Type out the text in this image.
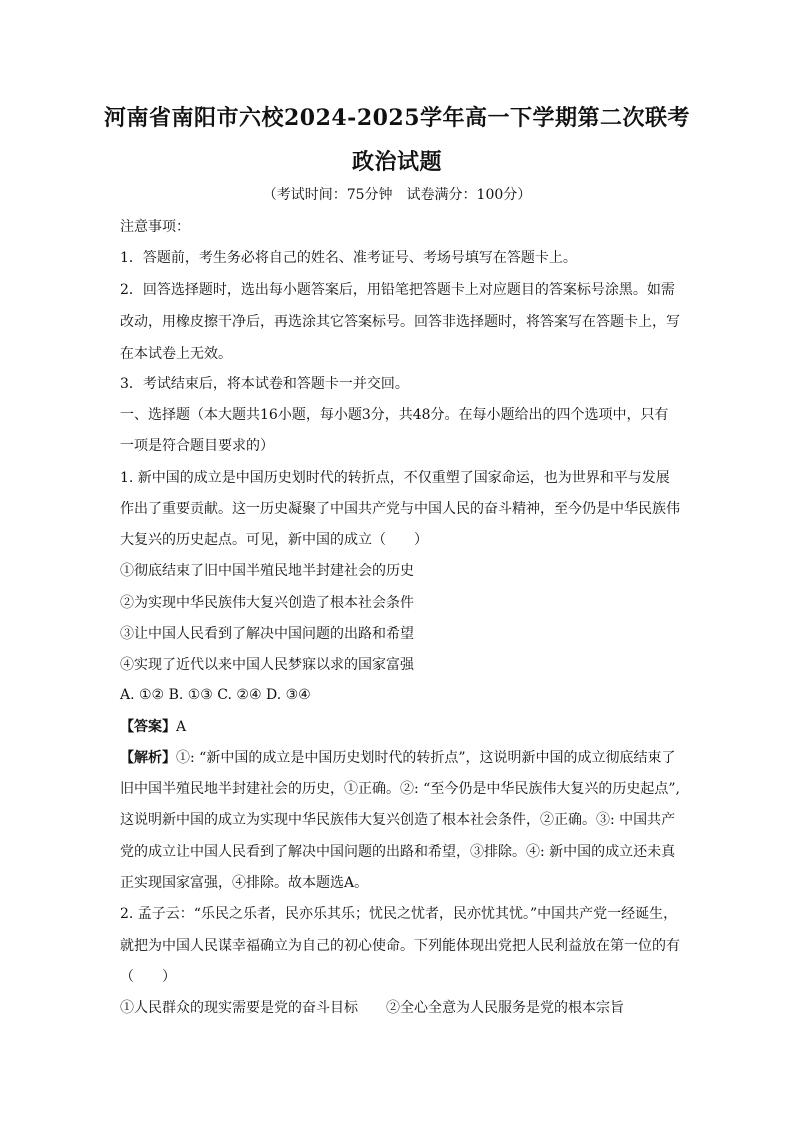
河南省南阳市六校2024-2025学年高一下学期第二次联考
政治试题
（考试时间：75分钟　试卷满分：100分）
注意事项：
1．答题前，考生务必将自己的姓名、准考证号、考场号填写在答题卡上。
2．回答选择题时，选出每小题答案后，用铅笔把答题卡上对应题目的答案标号涂黑。如需
改动，用橡皮擦干净后，再选涂其它答案标号。回答非选择题时，将答案写在答题卡上，写
在本试卷上无效。
3．考试结束后，将本试卷和答题卡一并交回。
一、选择题（本大题共16小题，每小题3分，共48分。在每小题给出的四个选项中，只有
一项是符合题目要求的）
1. 新中国的成立是中国历史划时代的转折点，不仅重塑了国家命运，也为世界和平与发展
作出了重要贡献。这一历史凝聚了中国共产党与中国人民的奋斗精神，至今仍是中华民族伟
大复兴的历史起点。可见，新中国的成立（　　）
①彻底结束了旧中国半殖民地半封建社会的历史
②为实现中华民族伟大复兴创造了根本社会条件
③让中国人民看到了解决中国问题的出路和希望
④实现了近代以来中国人民梦寐以求的国家富强
A. ①② B. ①③ C. ②④ D. ③④
【答案】A
【解析】①: “新中国的成立是中国历史划时代的转折点”，这说明新中国的成立彻底结束了
旧中国半殖民地半封建社会的历史，①正确。②: “至今仍是中华民族伟大复兴的历史起点”,
这说明新中国的成立为实现中华民族伟大复兴创造了根本社会条件，②正确。③: 中国共产
党的成立让中国人民看到了解决中国问题的出路和希望，③排除。④: 新中国的成立还未真
正实现国家富强，④排除。故本题选A。
2. 孟子云：“乐民之乐者，民亦乐其乐；忧民之忧者，民亦忧其忧。”中国共产党一经诞生，
就把为中国人民谋幸福确立为自己的初心使命。下列能体现出党把人民利益放在第一位的有
（　　）
①人民群众的现实需要是党的奋斗目标 ②全心全意为人民服务是党的根本宗旨
